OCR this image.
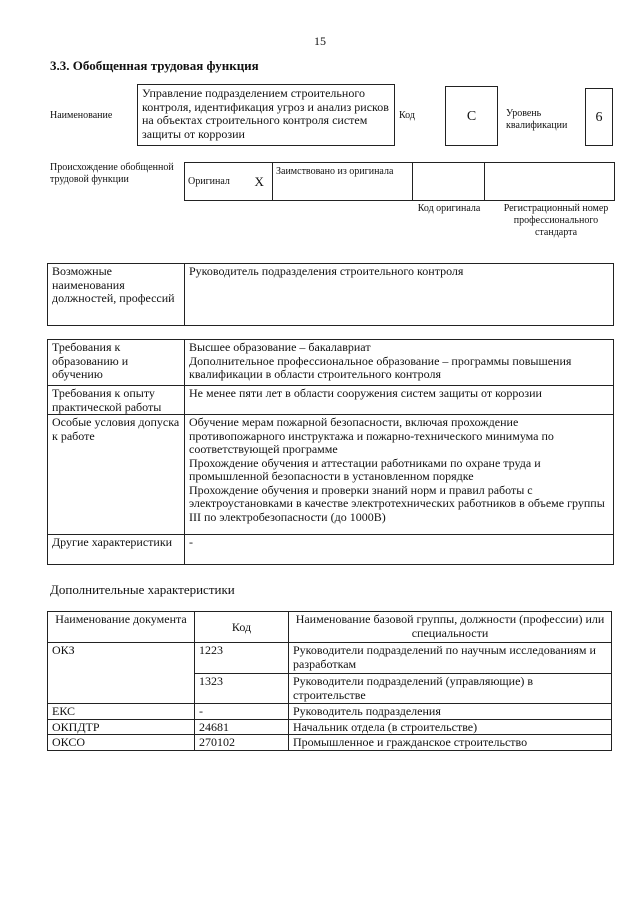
15
3.3. Обобщенная трудовая функция
Наименование
Управление подразделением строительного контроля, идентификация угроз и анализ рисков на объектах строительного контроля систем защиты от коррозии
Код	С	Уровень квалификации
6
Происхождение обобщенной трудовой функции	Оригинал	Х	Заимствовано из оригинала		
Код оригинала	Регистрационный номер профессионального стандарта
Возможные наименования должностей, профессий	Руководитель подразделения строительного контроля
Требования к образованию и обучению	Высшее образование – бакалавриат
Дополнительное профессиональное образование – программы повышения квалификации в области строительного контроля

Требования к опыту практической работы	Не менее пяти лет в области сооружения систем защиты от коррозии
Особые условия допуска к работе	Обучение мерам пожарной безопасности, включая прохождение противопожарного инструктажа и пожарно-технического минимума по соответствующей программе
Прохождение обучения и аттестации работниками по охране труда и промышленной безопасности в установленном порядке
Прохождение обучения и проверки знаний норм и правил работы с электроустановками в качестве электротехнических работников в объеме группы III по электробезопасности (до 1000В)

Другие характеристики	-
Дополнительные характеристики
Наименование документа	Код	Наименование базовой группы, должности (профессии) или специальности
ОКЗ	1223	Руководители подразделений по научным исследованиям и разработкам
	1323	Руководители подразделений (управляющие) в строительстве
ЕКС	-	Руководитель подразделения
ОКПДТР	24681	Начальник отдела (в строительстве)
ОКСО	270102	Промышленное и гражданское строительство
